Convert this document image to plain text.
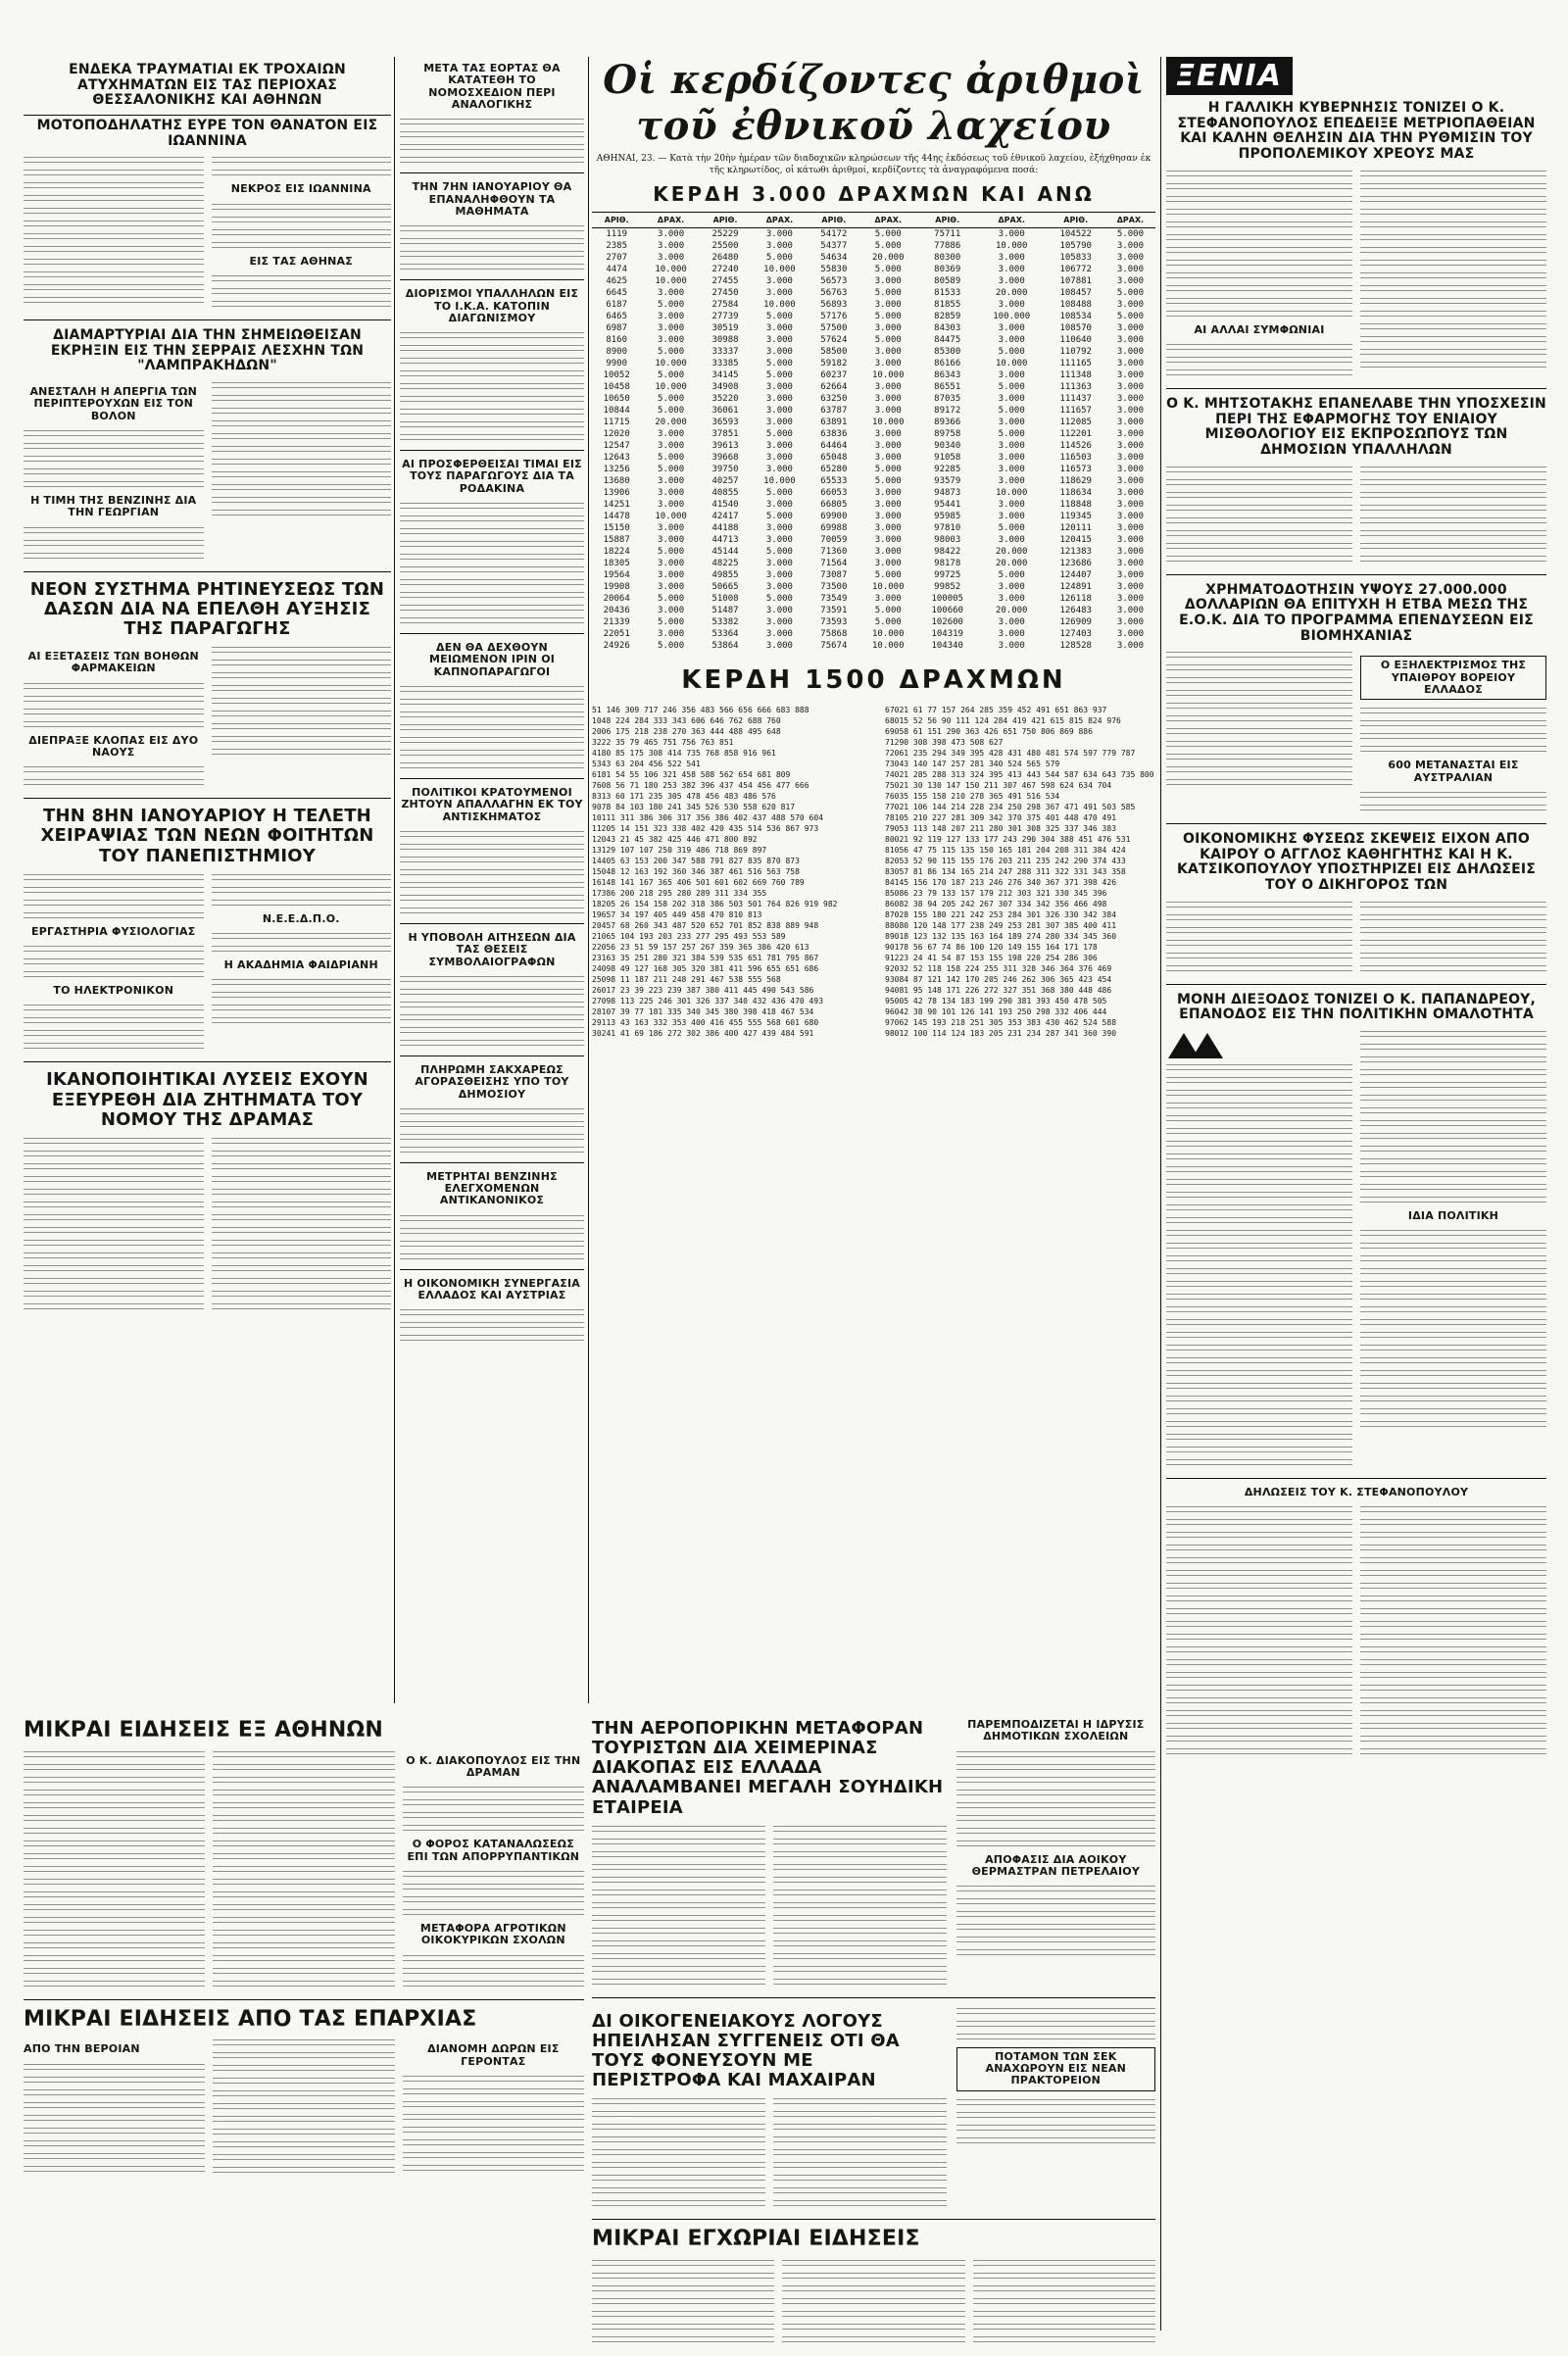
ΕΝΔΕΚΑ ΤΡΑΥΜΑΤΙΑΙ ΕΚ ΤΡΟΧΑΙΩΝ ΑΤΥΧΗΜΑΤΩΝ ΕΙΣ ΤΑΣ ΠΕΡΙΟΧΑΣ ΘΕΣΣΑΛΟΝΙΚΗΣ ΚΑΙ ΑΘΗΝΩΝ
ΜΟΤΟΠΟΔΗΛΑΤΗΣ ΕΥΡΕ ΤΟΝ ΘΑΝΑΤΟΝ ΕΙΣ ΙΩΑΝΝΙΝΑ
ΝΕΚΡΟΣ ΕΙΣ ΙΩΑΝΝΙΝΑ
ΕΙΣ ΤΑΣ ΑΘΗΝΑΣ
ΔΙΑΜΑΡΤΥΡΙΑΙ ΔΙΑ ΤΗΝ ΣΗΜΕΙΩΘΕΙΣΑΝ ΕΚΡΗΞΙΝ ΕΙΣ ΤΗΝ ΣΕΡΡΑΙΣ ΛΕΣΧΗΝ ΤΩΝ "ΛΑΜΠΡΑΚΗΔΩΝ"
ΑΝΕΣΤΑΛΗ Η ΑΠΕΡΓΙΑ ΤΩΝ ΠΕΡΙΠΤΕΡΟΥΧΩΝ ΕΙΣ ΤΟΝ ΒΟΛΟΝ
Η ΤΙΜΗ ΤΗΣ ΒΕΝΖΙΝΗΣ ΔΙΑ ΤΗΝ ΓΕΩΡΓΙΑΝ
ΝΕΟΝ ΣΥΣΤΗΜΑ ΡΗΤΙΝΕΥΣΕΩΣ ΤΩΝ ΔΑΣΩΝ ΔΙΑ ΝΑ ΕΠΕΛΘΗ ΑΥΞΗΣΙΣ ΤΗΣ ΠΑΡΑΓΩΓΗΣ
ΑΙ ΕΞΕΤΑΣΕΙΣ ΤΩΝ ΒΟΗΘΩΝ ΦΑΡΜΑΚΕΙΩΝ
ΔΙΕΠΡΑΞΕ ΚΛΟΠΑΣ ΕΙΣ ΔΥΟ ΝΑΟΥΣ
ΤΗΝ 8ΗΝ ΙΑΝΟΥΑΡΙΟΥ Η ΤΕΛΕΤΗ ΧΕΙΡΑΨΙΑΣ ΤΩΝ ΝΕΩΝ ΦΟΙΤΗΤΩΝ ΤΟΥ ΠΑΝΕΠΙΣΤΗΜΙΟΥ
ΕΡΓΑΣΤΗΡΙΑ ΦΥΣΙΟΛΟΓΙΑΣ
ΤΟ ΗΛΕΚΤΡΟΝΙΚΟΝ
Ν.Ε.Ε.Δ.Π.Ο.
Η ΑΚΑΔΗΜΙΑ ΦΑΙΔΡΙΑΝΗ
ΙΚΑΝΟΠΟΙΗΤΙΚΑΙ ΛΥΣΕΙΣ ΕΧΟΥΝ ΕΞΕΥΡΕΘΗ ΔΙΑ ΖΗΤΗΜΑΤΑ ΤΟΥ ΝΟΜΟΥ ΤΗΣ ΔΡΑΜΑΣ
ΜΕΤΑ ΤΑΣ ΕΟΡΤΑΣ ΘΑ ΚΑΤΑΤΕΘΗ ΤΟ ΝΟΜΟΣΧΕΔΙΟΝ ΠΕΡΙ ΑΝΑΛΟΓΙΚΗΣ
ΤΗΝ 7ΗΝ ΙΑΝΟΥΑΡΙΟΥ ΘΑ ΕΠΑΝΑΛΗΦΘΟΥΝ ΤΑ ΜΑΘΗΜΑΤΑ
ΔΙΟΡΙΣΜΟΙ ΥΠΑΛΛΗΛΩΝ ΕΙΣ ΤΟ Ι.Κ.Α. ΚΑΤΟΠΙΝ ΔΙΑΓΩΝΙΣΜΟΥ
ΑΙ ΠΡΟΣΦΕΡΘΕΙΣΑΙ ΤΙΜΑΙ ΕΙΣ ΤΟΥΣ ΠΑΡΑΓΩΓΟΥΣ ΔΙΑ ΤΑ ΡΟΔΑΚΙΝΑ
ΔΕΝ ΘΑ ΔΕΧΘΟΥΝ ΜΕΙΩΜΕΝΟΝ ΙΡΙΝ ΟΙ ΚΑΠΝΟΠΑΡΑΓΩΓΟΙ
ΠΟΛΙΤΙΚΟΙ ΚΡΑΤΟΥΜΕΝΟΙ ΖΗΤΟΥΝ ΑΠΑΛΛΑΓΗΝ ΕΚ ΤΟΥ ΑΝΤΙΣΚΗΜΑΤΟΣ
Η ΥΠΟΒΟΛΗ ΑΙΤΗΣΕΩΝ ΔΙΑ ΤΑΣ ΘΕΣΕΙΣ ΣΥΜΒΟΛΑΙΟΓΡΑΦΩΝ
ΠΛΗΡΩΜΗ ΣΑΚΧΑΡΕΩΣ ΑΓΟΡΑΣΘΕΙΣΗΣ ΥΠΟ ΤΟΥ ΔΗΜΟΣΙΟΥ
ΜΕΤΡΗΤΑΙ ΒΕΝΖΙΝΗΣ ΕΛΕΓΧΟΜΕΝΩΝ ΑΝΤΙΚΑΝΟΝΙΚΟΣ
Η ΟΙΚΟΝΟΜΙΚΗ ΣΥΝΕΡΓΑΣΙΑ ΕΛΛΑΔΟΣ ΚΑΙ ΑΥΣΤΡΙΑΣ
Οἱ κερδίζοντες ἀριθμοὶ τοῦ ἐθνικοῦ λαχείου
ΑΘΗΝΑΙ, 23. — Κατὰ τὴν 20ὴν ἡμέραν τῶν διαδοχικῶν κληρώσεων τῆς 44ης ἐκδόσεως τοῦ ἐθνικοῦ λαχείου, ἐξήχθησαν ἐκ τῆς κληρωτίδος, οἱ κάτωθι ἀριθμοί, κερδίζοντες τὰ ἀναγραφόμενα ποσά:
ΚΕΡΔΗ 3.000 ΔΡΑΧΜΩΝ ΚΑΙ ΑΝΩ
ΑΡΙΘ.	ΔΡΑΧ.	ΑΡΙΘ.	ΔΡΑΧ.	ΑΡΙΘ.	ΔΡΑΧ.	ΑΡΙΘ.	ΔΡΑΧ.	ΑΡΙΘ.	ΔΡΑΧ.
1119	3.000	25229	3.000	54172	5.000	75711	3.000	104522	5.000
2385	3.000	25500	3.000	54377	5.000	77886	10.000	105790	3.000
2707	3.000	26480	5.000	54634	20.000	80300	3.000	105833	3.000
4474	10.000	27240	10.000	55830	5.000	80369	3.000	106772	3.000
4625	10.000	27455	3.000	56573	3.000	80589	3.000	107881	3.000
6645	3.000	27450	3.000	56763	5.000	81533	20.000	108457	5.000
6187	5.000	27584	10.000	56893	3.000	81855	3.000	108488	3.000
6465	3.000	27739	5.000	57176	5.000	82859	100.000	108534	5.000
6987	3.000	30519	3.000	57500	3.000	84303	3.000	108570	3.000
8160	3.000	30988	3.000	57624	5.000	84475	3.000	110640	3.000
8900	5.000	33337	3.000	58500	3.000	85300	5.000	110792	3.000
9900	10.000	33385	5.000	59182	3.000	86166	10.000	111165	3.000
10052	5.000	34145	5.000	60237	10.000	86343	3.000	111348	3.000
10458	10.000	34908	3.000	62664	3.000	86551	5.000	111363	3.000
10650	5.000	35220	3.000	63250	3.000	87035	3.000	111437	3.000
10844	5.000	36061	3.000	63787	3.000	89172	5.000	111657	3.000
11715	20.000	36593	3.000	63891	10.000	89366	3.000	112085	3.000
12020	3.000	37851	5.000	63836	3.000	89758	5.000	112201	3.000
12547	3.000	39613	3.000	64464	3.000	90340	3.000	114526	3.000
12643	5.000	39668	3.000	65048	3.000	91058	3.000	116503	3.000
13256	5.000	39750	3.000	65280	5.000	92285	3.000	116573	3.000
13680	3.000	40257	10.000	65533	5.000	93579	3.000	118629	3.000
13906	3.000	40855	5.000	66053	3.000	94873	10.000	118634	3.000
14251	3.000	41540	3.000	66805	3.000	95441	3.000	118848	3.000
14478	10.000	42417	5.000	69900	3.000	95985	3.000	119345	3.000
15150	3.000	44188	3.000	69988	3.000	97810	5.000	120111	3.000
15887	3.000	44713	3.000	70059	3.000	98003	3.000	120415	3.000
18224	5.000	45144	5.000	71360	3.000	98422	20.000	121383	3.000
18305	3.000	48225	3.000	71564	3.000	98178	20.000	123686	3.000
19564	3.000	49855	3.000	73087	5.000	99725	5.000	124407	3.000
19908	3.000	50665	3.000	73500	10.000	99852	3.000	124891	3.000
20064	5.000	51008	5.000	73549	3.000	100005	3.000	126118	3.000
20436	3.000	51487	3.000	73591	5.000	100660	20.000	126483	3.000
21339	5.000	53382	3.000	73593	5.000	102600	3.000	126909	3.000
22051	3.000	53364	3.000	75868	10.000	104319	3.000	127403	3.000
24926	5.000	53864	3.000	75674	10.000	104340	3.000	128528	3.000
ΚΕΡΔΗ 1500 ΔΡΑΧΜΩΝ
51 146 309 717 246 356 483 566 656 666 683 888
1048 224 284 333 343 606 646 762 688 760
2006 175 218 238 270 363 444 488 495 648
3222 35 79 465 751 756 763 851
4180 85 175 308 414 735 768 858 916 961
5343 63 204 456 522 541
6181 54 55 106 321 458 588 562 654 681 809
7608 56 71 180 253 382 396 437 454 456 477 666
8313 60 171 235 305 478 456 483 486 576
9078 84 103 180 241 345 526 530 558 620 817
10111 311 386 306 317 356 386 402 437 488 570 604
11205 14 151 323 338 402 420 435 514 536 867 973
12043 21 45 382 425 446 471 800 892
13129 107 107 250 319 486 718 869 897
14405 63 153 200 347 588 791 827 835 870 873
15048 12 163 192 360 346 387 461 516 563 758
16148 141 167 365 406 501 601 602 669 760 789
17386 200 218 295 280 289 311 334 355
18205 26 154 158 202 318 386 503 501 764 826 919 982
19657 34 197 405 449 458 470 810 813
20457 68 260 343 487 520 652 701 852 838 889 948
21065 104 193 203 233 277 295 493 553 589
22056 23 51 59 157 257 267 359 365 386 420 613
23163 35 251 280 321 384 539 535 651 781 795 867
24098 49 127 168 305 320 381 411 596 655 651 686
25098 11 187 211 248 291 467 538 555 568
26017 23 39 223 239 387 380 411 445 490 543 586
27098 113 225 246 301 326 337 340 432 436 470 493
28107 39 77 181 335 340 345 380 398 418 467 534
29113 43 163 332 353 400 416 455 555 568 601 680
30241 41 69 186 272 302 386 400 427 439 484 591
67021 61 77 157 264 285 359 452 491 651 863 937
68015 52 56 90 111 124 284 419 421 615 815 824 976
69058 61 151 290 363 426 651 750 806 869 886
71290 308 398 473 508 627
72061 235 294 349 395 428 431 480 481 574 597 779 787
73043 140 147 257 281 340 524 565 579
74021 285 288 313 324 395 413 443 544 587 634 643 735 800
75021 30 130 147 150 211 307 467 598 624 634 704
76035 155 158 210 278 365 491 516 534
77021 106 144 214 228 234 250 298 367 471 491 503 585
78105 210 227 281 309 342 370 375 401 448 470 491
79053 113 148 207 211 280 301 308 325 337 346 383
80021 92 119 127 133 177 243 290 304 388 451 476 531
81056 47 75 115 135 150 165 181 204 208 311 384 424
82053 52 90 115 155 176 203 211 235 242 290 374 433
83057 81 86 134 165 214 247 288 311 322 331 343 358
84145 156 170 187 213 246 276 340 367 371 398 426
85086 23 79 133 157 179 212 303 321 330 345 396
86082 38 94 205 242 267 307 334 342 356 466 498
87028 155 180 221 242 253 284 301 326 330 342 384
88080 120 148 177 238 249 253 281 307 385 400 411
89018 123 132 135 163 164 189 274 280 334 345 360
90178 56 67 74 86 100 120 149 155 164 171 178
91223 24 41 54 87 153 155 198 220 254 286 306
92032 52 118 158 224 255 311 328 346 364 376 469
93084 87 121 142 170 205 246 262 306 365 423 454
94081 95 148 171 226 272 327 351 368 380 448 486
95005 42 78 134 183 199 290 381 393 450 478 505
96042 38 90 101 126 141 193 250 298 332 406 444
97062 145 193 218 251 305 353 383 430 462 524 588
98012 100 114 124 183 205 231 234 287 341 360 390
ΞΕΝΙΑ
Η ΓΑΛΛΙΚΗ ΚΥΒΕΡΝΗΣΙΣ ΤΟΝΙΖΕΙ Ο Κ. ΣΤΕΦΑΝΟΠΟΥΛΟΣ ΕΠΕΔΕΙΞΕ ΜΕΤΡΙΟΠΑΘΕΙΑΝ ΚΑΙ ΚΑΛΗΝ ΘΕΛΗΣΙΝ ΔΙΑ ΤΗΝ ΡΥΘΜΙΣΙΝ ΤΟΥ ΠΡΟΠΟΛΕΜΙΚΟΥ ΧΡΕΟΥΣ ΜΑΣ
ΑΙ ΑΛΛΑΙ ΣΥΜΦΩΝΙΑΙ
Ο Κ. ΜΗΤΣΟΤΑΚΗΣ ΕΠΑΝΕΛΑΒΕ ΤΗΝ ΥΠΟΣΧΕΣΙΝ ΠΕΡΙ ΤΗΣ ΕΦΑΡΜΟΓΗΣ ΤΟΥ ΕΝΙΑΙΟΥ ΜΙΣΘΟΛΟΓΙΟΥ ΕΙΣ ΕΚΠΡΟΣΩΠΟΥΣ ΤΩΝ ΔΗΜΟΣΙΩΝ ΥΠΑΛΛΗΛΩΝ
ΧΡΗΜΑΤΟΔΟΤΗΣΙΝ ΥΨΟΥΣ 27.000.000 ΔΟΛΛΑΡΙΩΝ ΘΑ ΕΠΙΤΥΧΗ Η ΕΤΒΑ ΜΕΣΩ ΤΗΣ Ε.Ο.Κ. ΔΙΑ ΤΟ ΠΡΟΓΡΑΜΜΑ ΕΠΕΝΔΥΣΕΩΝ ΕΙΣ ΒΙΟΜΗΧΑΝΙΑΣ
Ο ΕΞΗΛΕΚΤΡΙΣΜΟΣ ΤΗΣ ΥΠΑΙΘΡΟΥ ΒΟΡΕΙΟΥ ΕΛΛΑΔΟΣ
600 ΜΕΤΑΝΑΣΤΑΙ ΕΙΣ ΑΥΣΤΡΑΛΙΑΝ
ΟΙΚΟΝΟΜΙΚΗΣ ΦΥΣΕΩΣ ΣΚΕΨΕΙΣ ΕΙΧΟΝ ΑΠΟ ΚΑΙΡΟΥ Ο ΑΓΓΛΟΣ ΚΑΘΗΓΗΤΗΣ ΚΑΙ Η Κ. ΚΑΤΣΙΚΟΠΟΥΛΟΥ ΥΠΟΣΤΗΡΙΖΕΙ ΕΙΣ ΔΗΛΩΣΕΙΣ ΤΟΥ Ο ΔΙΚΗΓΟΡΟΣ ΤΩΝ
ΜΟΝΗ ΔΙΕΞΟΔΟΣ ΤΟΝΙΖΕΙ Ο Κ. ΠΑΠΑΝΔΡΕΟΥ, ΕΠΑΝΟΔΟΣ ΕΙΣ ΤΗΝ ΠΟΛΙΤΙΚΗΝ ΟΜΑΛΟΤΗΤΑ
ΙΔΙΑ ΠΟΛΙΤΙΚΗ
ΔΗΛΩΣΕΙΣ ΤΟΥ Κ. ΣΤΕΦΑΝΟΠΟΥΛΟΥ
ΜΙΚΡΑΙ ΕΙΔΗΣΕΙΣ ΕΞ ΑΘΗΝΩΝ
Ο Κ. ΔΙΑΚΟΠΟΥΛΟΣ ΕΙΣ ΤΗΝ ΔΡΑΜΑΝ
Ο ΦΟΡΟΣ ΚΑΤΑΝΑΛΩΣΕΩΣ ΕΠΙ ΤΩΝ ΑΠΟΡΡΥΠΑΝΤΙΚΩΝ
ΜΕΤΑΦΟΡΑ ΑΓΡΟΤΙΚΩΝ ΟΙΚΟΚΥΡΙΚΩΝ ΣΧΟΛΩΝ
ΜΙΚΡΑΙ ΕΙΔΗΣΕΙΣ ΑΠΟ ΤΑΣ ΕΠΑΡΧΙΑΣ
ΑΠΟ ΤΗΝ ΒΕΡΟΙΑΝ	ΔΙΑΝΟΜΗ ΔΩΡΩΝ ΕΙΣ ΓΕΡΟΝΤΑΣ
ΤΗΝ ΑΕΡΟΠΟΡΙΚΗΝ ΜΕΤΑΦΟΡΑΝ ΤΟΥΡΙΣΤΩΝ ΔΙΑ ΧΕΙΜΕΡΙΝΑΣ ΔΙΑΚΟΠΑΣ ΕΙΣ ΕΛΛΑΔΑ ΑΝΑΛΑΜΒΑΝΕΙ ΜΕΓΑΛΗ ΣΟΥΗΔΙΚΗ ΕΤΑΙΡΕΙΑ
ΠΑΡΕΜΠΟΔΙΖΕΤΑΙ Η ΙΔΡΥΣΙΣ ΔΗΜΟΤΙΚΩΝ ΣΧΟΛΕΙΩΝ
ΑΠΟΦΑΣΙΣ ΔΙΑ ΑΟΙΚΟΥ ΘΕΡΜΑΣΤΡΑΝ ΠΕΤΡΕΛΑΙΟΥ
ΔΙ ΟΙΚΟΓΕΝΕΙΑΚΟΥΣ ΛΟΓΟΥΣ ΗΠΕΙΛΗΣΑΝ ΣΥΓΓΕΝΕΙΣ ΟΤΙ ΘΑ ΤΟΥΣ ΦΟΝΕΥΣΟΥΝ ΜΕ ΠΕΡΙΣΤΡΟΦΑ ΚΑΙ ΜΑΧΑΙΡΑΝ
ΠΟΤΑΜΟΝ ΤΩΝ ΣΕΚ ΑΝΑΧΩΡΟΥΝ ΕΙΣ ΝΕΑΝ ΠΡΑΚΤΟΡΕΙΟΝ
ΜΙΚΡΑΙ ΕΓΧΩΡΙΑΙ ΕΙΔΗΣΕΙΣ
